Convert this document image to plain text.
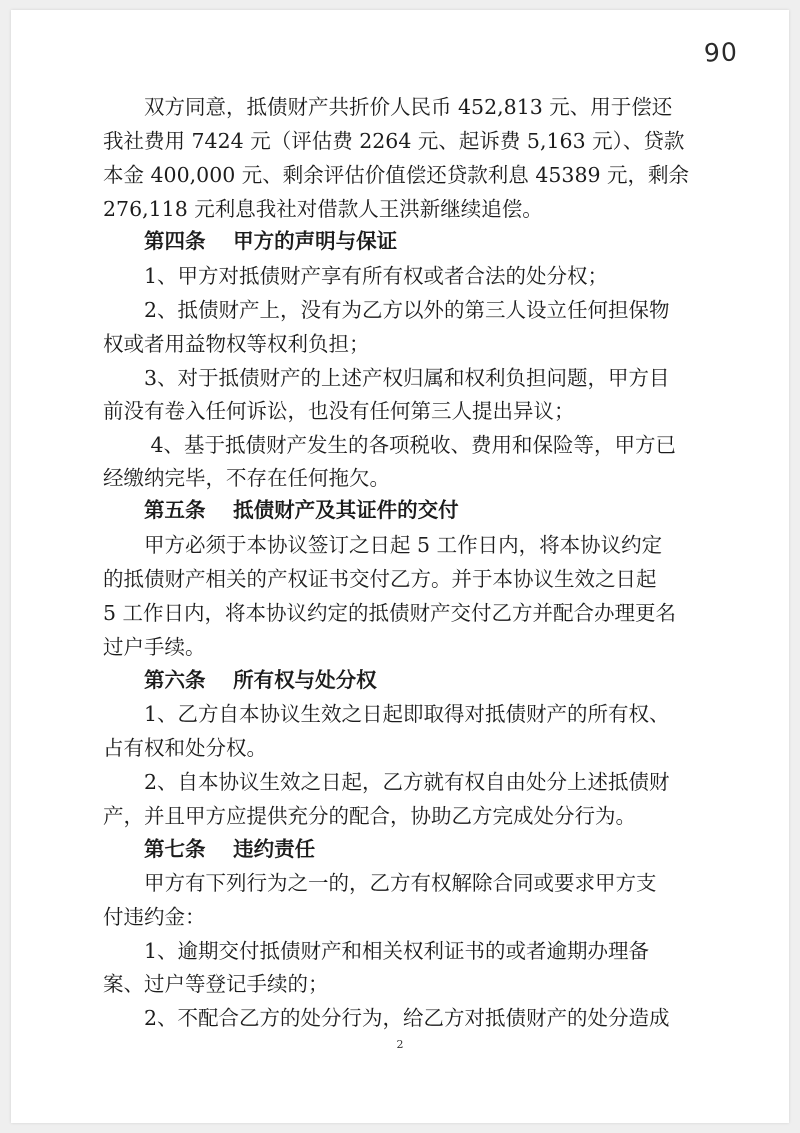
90
　　双方同意，抵债财产共折价人民币 452,813 元、用于偿还
我社费用 7424 元（评估费 2264 元、起诉费 5,163 元）、贷款
本金 400,000 元、剩余评估价值偿还贷款利息 45389 元，剩余
276,118 元利息我社对借款人王洪新继续追偿。
　　第四条　 甲方的声明与保证
　　1、甲方对抵债财产享有所有权或者合法的处分权；
　　2、抵债财产上，没有为乙方以外的第三人设立任何担保物
权或者用益物权等权利负担；
　　3、对于抵债财产的上述产权归属和权利负担问题，甲方目
前没有卷入任何诉讼，也没有任何第三人提出异议；
　　 4、基于抵债财产发生的各项税收、费用和保险等，甲方已
经缴纳完毕，不存在任何拖欠。
　　第五条　 抵债财产及其证件的交付
　　甲方必须于本协议签订之日起 5 工作日内，将本协议约定
的抵债财产相关的产权证书交付乙方。并于本协议生效之日起
5 工作日内，将本协议约定的抵债财产交付乙方并配合办理更名
过户手续。
　　第六条　 所有权与处分权
　　1、乙方自本协议生效之日起即取得对抵债财产的所有权、
占有权和处分权。
　　2、自本协议生效之日起，乙方就有权自由处分上述抵债财
产，并且甲方应提供充分的配合，协助乙方完成处分行为。
　　第七条　 违约责任
　　甲方有下列行为之一的，乙方有权解除合同或要求甲方支
付违约金：
　　1、逾期交付抵债财产和相关权利证书的或者逾期办理备
案、过户等登记手续的；
　　2、不配合乙方的处分行为，给乙方对抵债财产的处分造成
2
